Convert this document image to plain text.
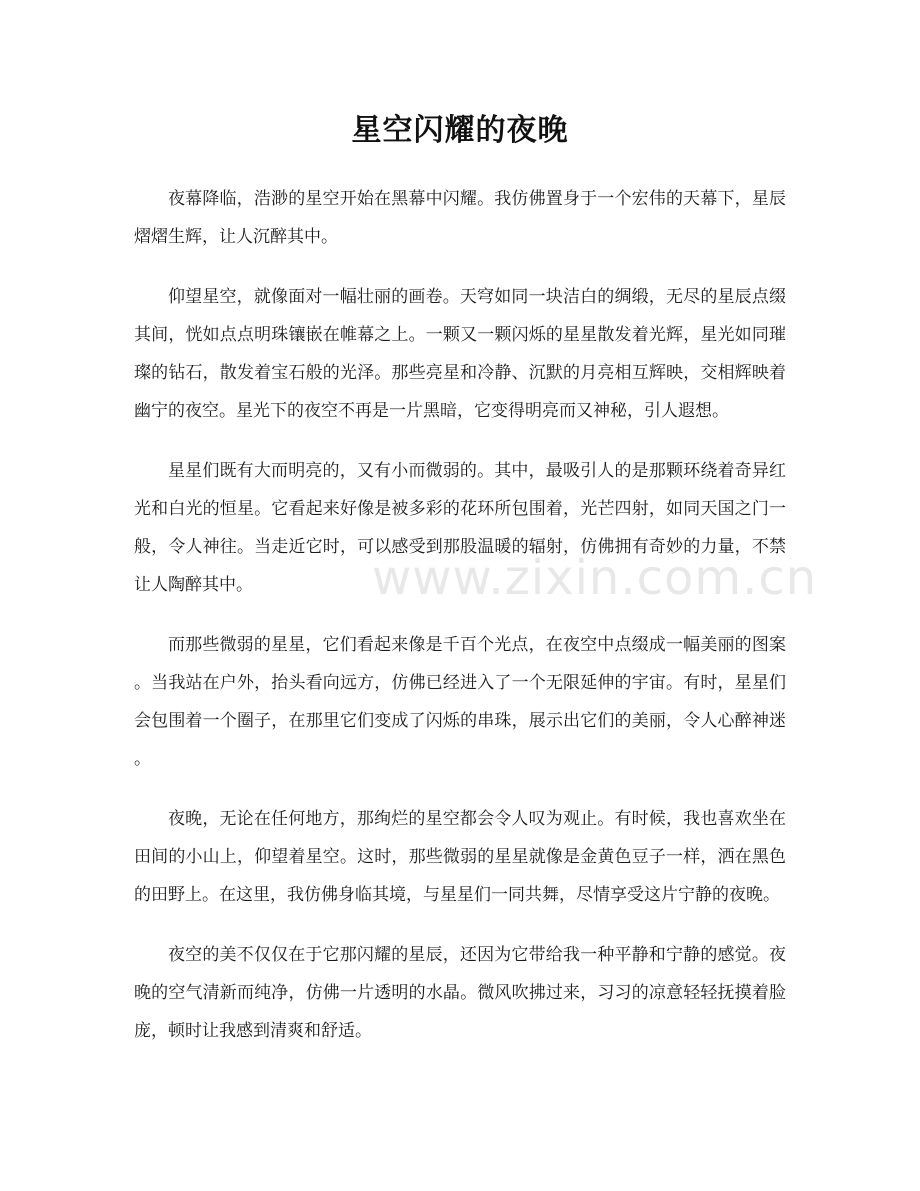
星空闪耀的夜晚

夜幕降临，浩渺的星空开始在黑幕中闪耀。我仿佛置身于一个宏伟的天幕下，星辰熠熠生辉，让人沉醉其中。

仰望星空，就像面对一幅壮丽的画卷。天穹如同一块洁白的绸缎，无尽的星辰点缀其间，恍如点点明珠镶嵌在帷幕之上。一颗又一颗闪烁的星星散发着光辉，星光如同璀璨的钻石，散发着宝石般的光泽。那些亮星和冷静、沉默的月亮相互辉映，交相辉映着幽宁的夜空。星光下的夜空不再是一片黑暗，它变得明亮而又神秘，引人遐想。

星星们既有大而明亮的，又有小而微弱的。其中，最吸引人的是那颗环绕着奇异红光和白光的恒星。它看起来好像是被多彩的花环所包围着，光芒四射，如同天国之门一般，令人神往。当走近它时，可以感受到那股温暖的辐射，仿佛拥有奇妙的力量，不禁让人陶醉其中。

而那些微弱的星星，它们看起来像是千百个光点，在夜空中点缀成一幅美丽的图案。当我站在户外，抬头看向远方，仿佛已经进入了一个无限延伸的宇宙。有时，星星们会包围着一个圈子，在那里它们变成了闪烁的串珠，展示出它们的美丽，令人心醉神迷。

夜晚，无论在任何地方，那绚烂的星空都会令人叹为观止。有时候，我也喜欢坐在田间的小山上，仰望着星空。这时，那些微弱的星星就像是金黄色豆子一样，洒在黑色的田野上。在这里，我仿佛身临其境，与星星们一同共舞，尽情享受这片宁静的夜晚。

夜空的美不仅仅在于它那闪耀的星辰，还因为它带给我一种平静和宁静的感觉。夜晚的空气清新而纯净，仿佛一片透明的水晶。微风吹拂过来，习习的凉意轻轻抚摸着脸庞，顿时让我感到清爽和舒适。

www.zixin.com.cn
